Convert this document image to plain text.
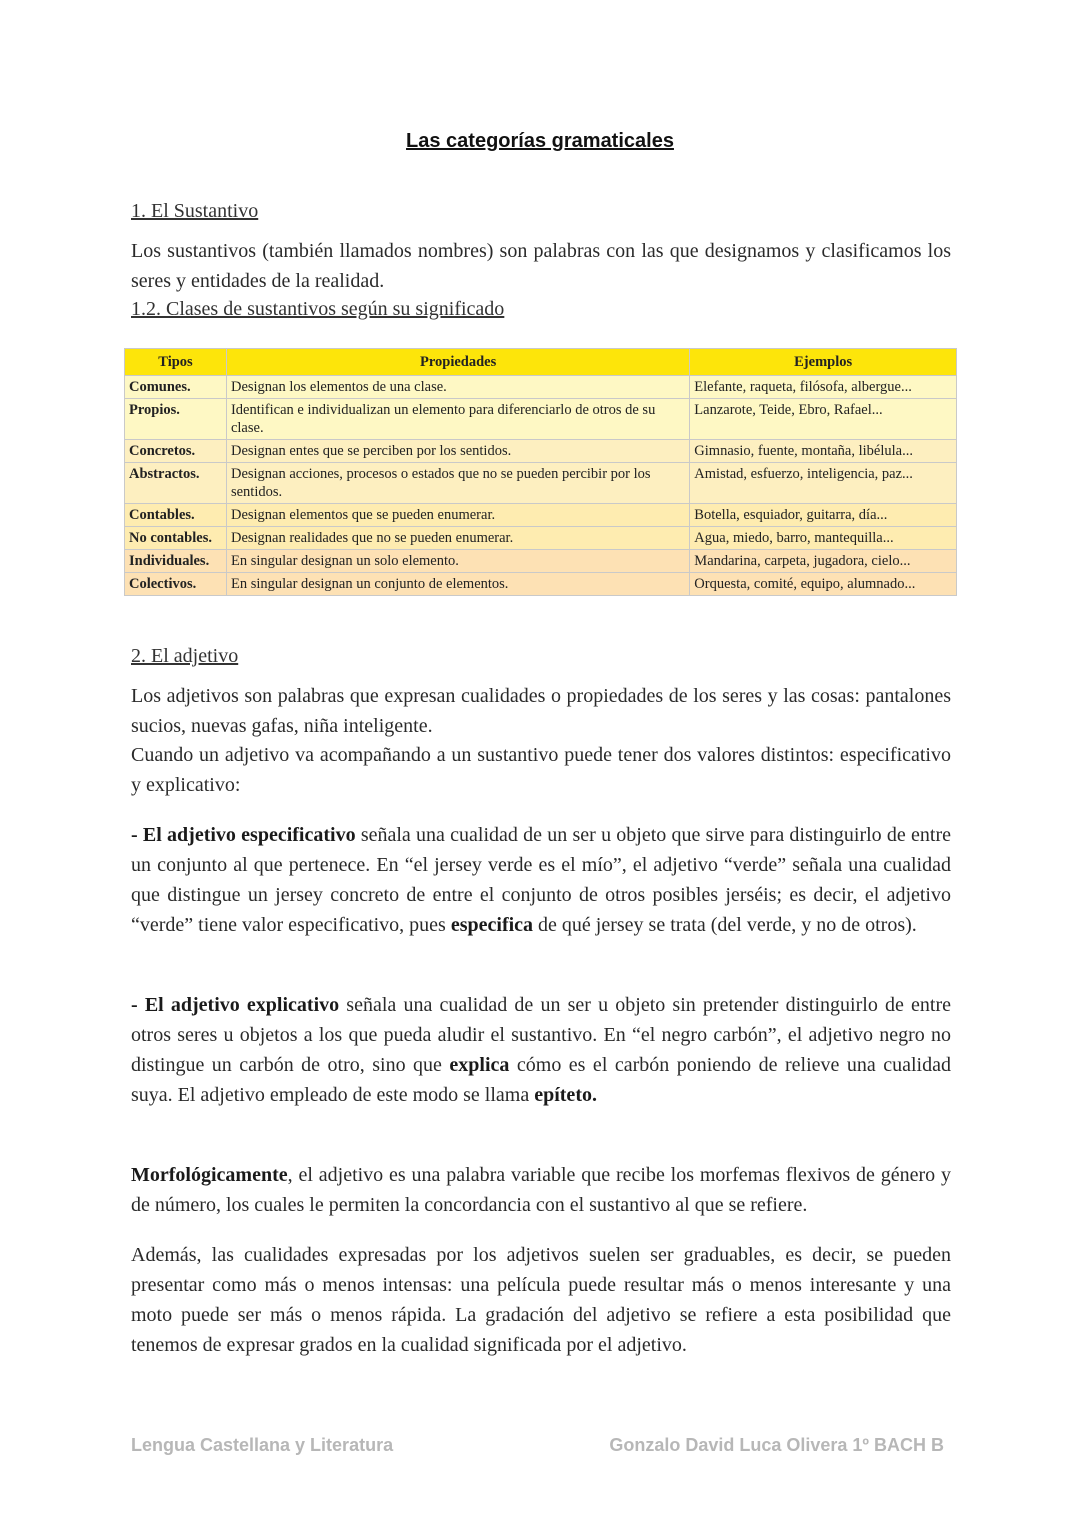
Las categorías gramaticales
1. El Sustantivo

Los sustantivos (también llamados nombres) son palabras con las que designamos y clasificamos los seres y entidades de la realidad.

1.2. Clases de sustantivos según su significado
Tipos	Propiedades	Ejemplos
Comunes.	Designan los elementos de una clase.	Elefante, raqueta, filósofa, albergue...
Propios.	Identifican e individualizan un elemento para diferenciarlo de otros de su clase.	Lanzarote, Teide, Ebro, Rafael...
Concretos.	Designan entes que se perciben por los sentidos.	Gimnasio, fuente, montaña, libélula...
Abstractos.	Designan acciones, procesos o estados que no se pueden percibir por los sentidos.	Amistad, esfuerzo, inteligencia, paz...
Contables.	Designan elementos que se pueden enumerar.	Botella, esquiador, guitarra, día...
No contables.	Designan realidades que no se pueden enumerar.	Agua, miedo, barro, mantequilla...
Individuales.	En singular designan un solo elemento.	Mandarina, carpeta, jugadora, cielo...
Colectivos.	En singular designan un conjunto de elementos.	Orquesta, comité, equipo, alumnado...
2. El adjetivo

Los adjetivos son palabras que expresan cualidades o propiedades de los seres y las cosas: pantalones sucios, nuevas gafas, niña inteligente.

Cuando un adjetivo va acompañando a un sustantivo puede tener dos valores distintos: especificativo y explicativo:

- El adjetivo especificativo señala una cualidad de un ser u objeto que sirve para distinguirlo de entre un conjunto al que pertenece. En “el jersey verde es el mío”, el adjetivo “verde” señala una cualidad que distingue un jersey concreto de entre el conjunto de otros posibles jerséis; es decir, el adjetivo “verde” tiene valor especificativo, pues especifica de qué jersey se trata (del verde, y no de otros).

- El adjetivo explicativo señala una cualidad de un ser u objeto sin pretender distinguirlo de entre otros seres u objetos a los que pueda aludir el sustantivo. En “el negro carbón”, el adjetivo negro no distingue un carbón de otro, sino que explica cómo es el carbón poniendo de relieve una cualidad suya. El adjetivo empleado de este modo se llama epíteto.

Morfológicamente, el adjetivo es una palabra variable que recibe los morfemas flexivos de género y de número, los cuales le permiten la concordancia con el sustantivo al que se refiere.

Además, las cualidades expresadas por los adjetivos suelen ser graduables, es decir, se pueden presentar como más o menos intensas: una película puede resultar más o menos interesante y una moto puede ser más o menos rápida. La gradación del adjetivo se refiere a esta posibilidad que tenemos de expresar grados en la cualidad significada por el adjetivo.

Lengua Castellana y Literatura	Gonzalo David Luca Olivera 1º BACH B
